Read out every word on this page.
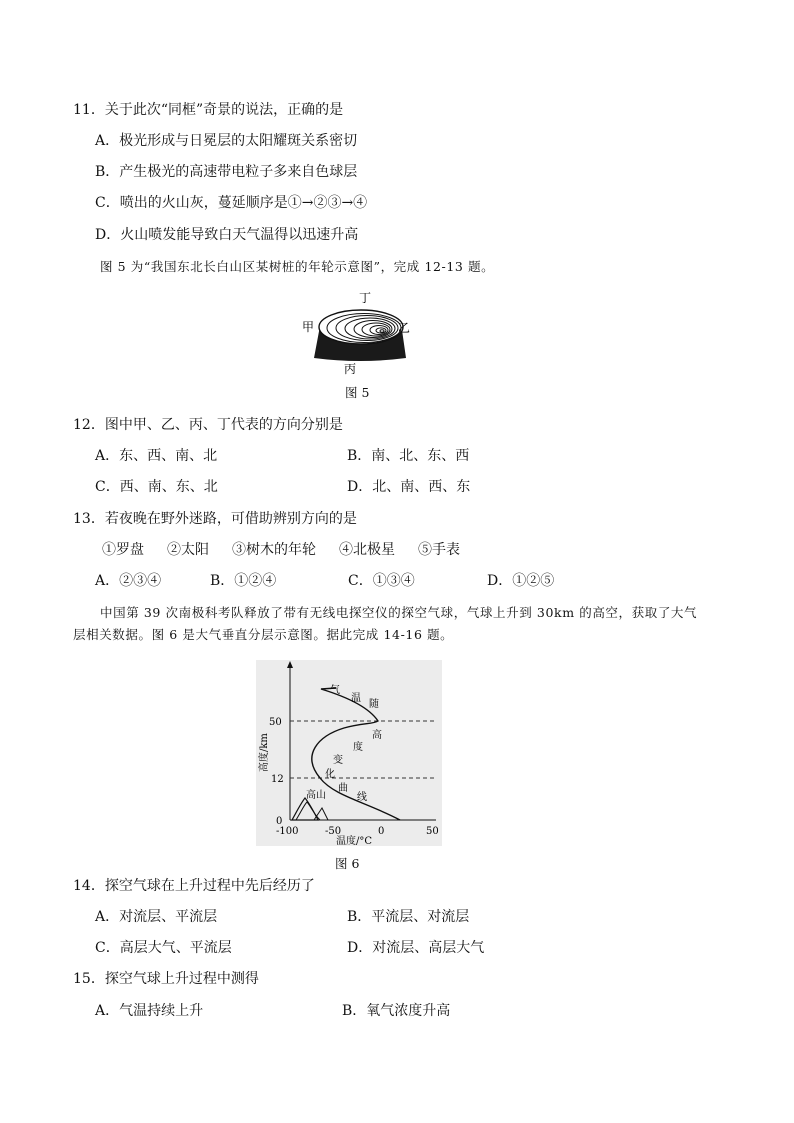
11．关于此次“同框”奇景的说法，正确的是
A．极光形成与日冕层的太阳耀斑关系密切
B．产生极光的高速带电粒子多来自色球层
C．喷出的火山灰，蔓延顺序是①→②③→④
D．火山喷发能导致白天气温得以迅速升高
图 5 为“我国东北长白山区某树桩的年轮示意图”，完成 12-13 题。
丁
甲	乙
丙
图 5
12．图中甲、乙、丙、丁代表的方向分别是
A．东、西、南、北	B．南、北、东、西
C．西、南、东、北	D．北、南、西、东
13．若夜晚在野外迷路，可借助辨别方向的是
①罗盘 ②太阳 ③树木的年轮 ④北极星 ⑤手表
A．②③④	B．①②④	C．①③④	D．①②⑤
中国第 39 次南极科考队释放了带有无线电探空仪的探空气球，气球上升到 30km 的高空，获取了大气
层相关数据。图 6 是大气垂直分层示意图。据此完成 14-16 题。
50
12
0
-100	-50	0	50
高度/km
温度/°C
高山
气
温
随
高
度
变
化
曲
线
图 6
14．探空气球在上升过程中先后经历了
A．对流层、平流层	B．平流层、对流层
C．高层大气、平流层	D．对流层、高层大气
15．探空气球上升过程中测得
A．气温持续上升	B．氧气浓度升高
